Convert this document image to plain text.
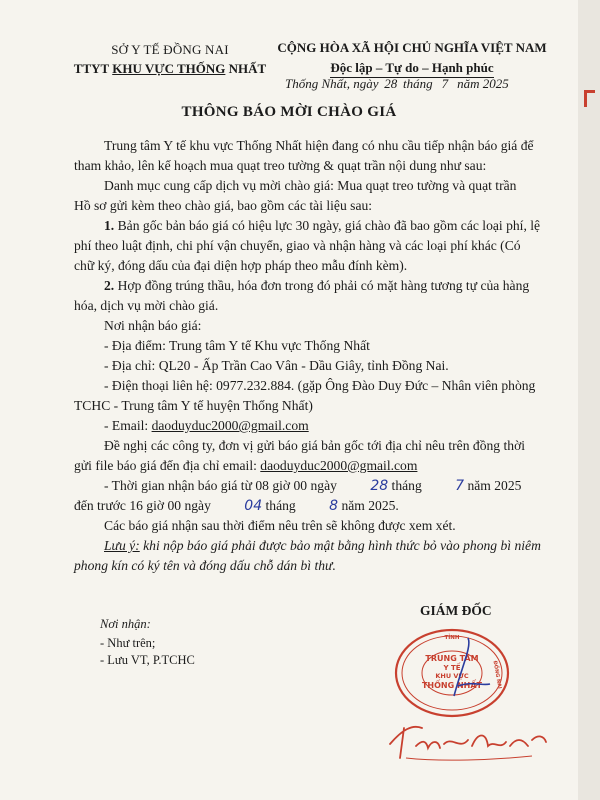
SỞ Y TẾ ĐỒNG NAI
TTYT KHU VỰC THỐNG NHẤT
CỘNG HÒA XÃ HỘI CHỦ NGHĨA VIỆT NAM
Độc lập – Tự do – Hạnh phúc
Thống Nhất, ngày 28 tháng 7 năm 2025
THÔNG BÁO MỜI CHÀO GIÁ

Trung tâm Y tế khu vực Thống Nhất hiện đang có nhu cầu tiếp nhận báo giá để tham khảo, lên kế hoạch mua quạt treo tường & quạt trần nội dung như sau:

Danh mục cung cấp dịch vụ mời chào giá: Mua quạt treo tường và quạt trần

Hồ sơ gửi kèm theo chào giá, bao gồm các tài liệu sau:

1. Bản gốc bản báo giá có hiệu lực 30 ngày, giá chào đã bao gồm các loại phí, lệ phí theo luật định, chi phí vận chuyển, giao và nhận hàng và các loại phí khác (Có chữ ký, đóng dấu của đại diện hợp pháp theo mẫu đính kèm).

2. Hợp đồng trúng thầu, hóa đơn trong đó phải có mặt hàng tương tự của hàng hóa, dịch vụ mời chào giá.

Nơi nhận báo giá:

- Địa điểm: Trung tâm Y tế Khu vực Thống Nhất

- Địa chỉ: QL20 - Ấp Trần Cao Vân - Dầu Giây, tỉnh Đồng Nai.

- Điện thoại liên hệ: 0977.232.884. (gặp Ông Đào Duy Đức – Nhân viên phòng TCHC - Trung tâm Y tế huyện Thống Nhất)

- Email: daoduyduc2000@gmail.com

Đề nghị các công ty, đơn vị gửi báo giá bản gốc tới địa chỉ nêu trên đồng thời gửi file báo giá đến địa chỉ email: daoduyduc2000@gmail.com

- Thời gian nhận báo giá từ 08 giờ 00 ngày 28 tháng 7 năm 2025 đến trước 16 giờ 00 ngày 04 tháng 8 năm 2025.

Các báo giá nhận sau thời điểm nêu trên sẽ không được xem xét.

Lưu ý: khi nộp báo giá phải được bảo mật bằng hình thức bỏ vào phong bì niêm phong kín có ký tên và đóng dấu chỗ dán bì thư.

Nơi nhận:
- Như trên;
- Lưu VT, P.TCHC
GIÁM ĐỐC
TRUNG TÂM
Y TẾ
KHU VỰC
THỐNG NHẤT
TỈNH
ĐỒNG NAI
